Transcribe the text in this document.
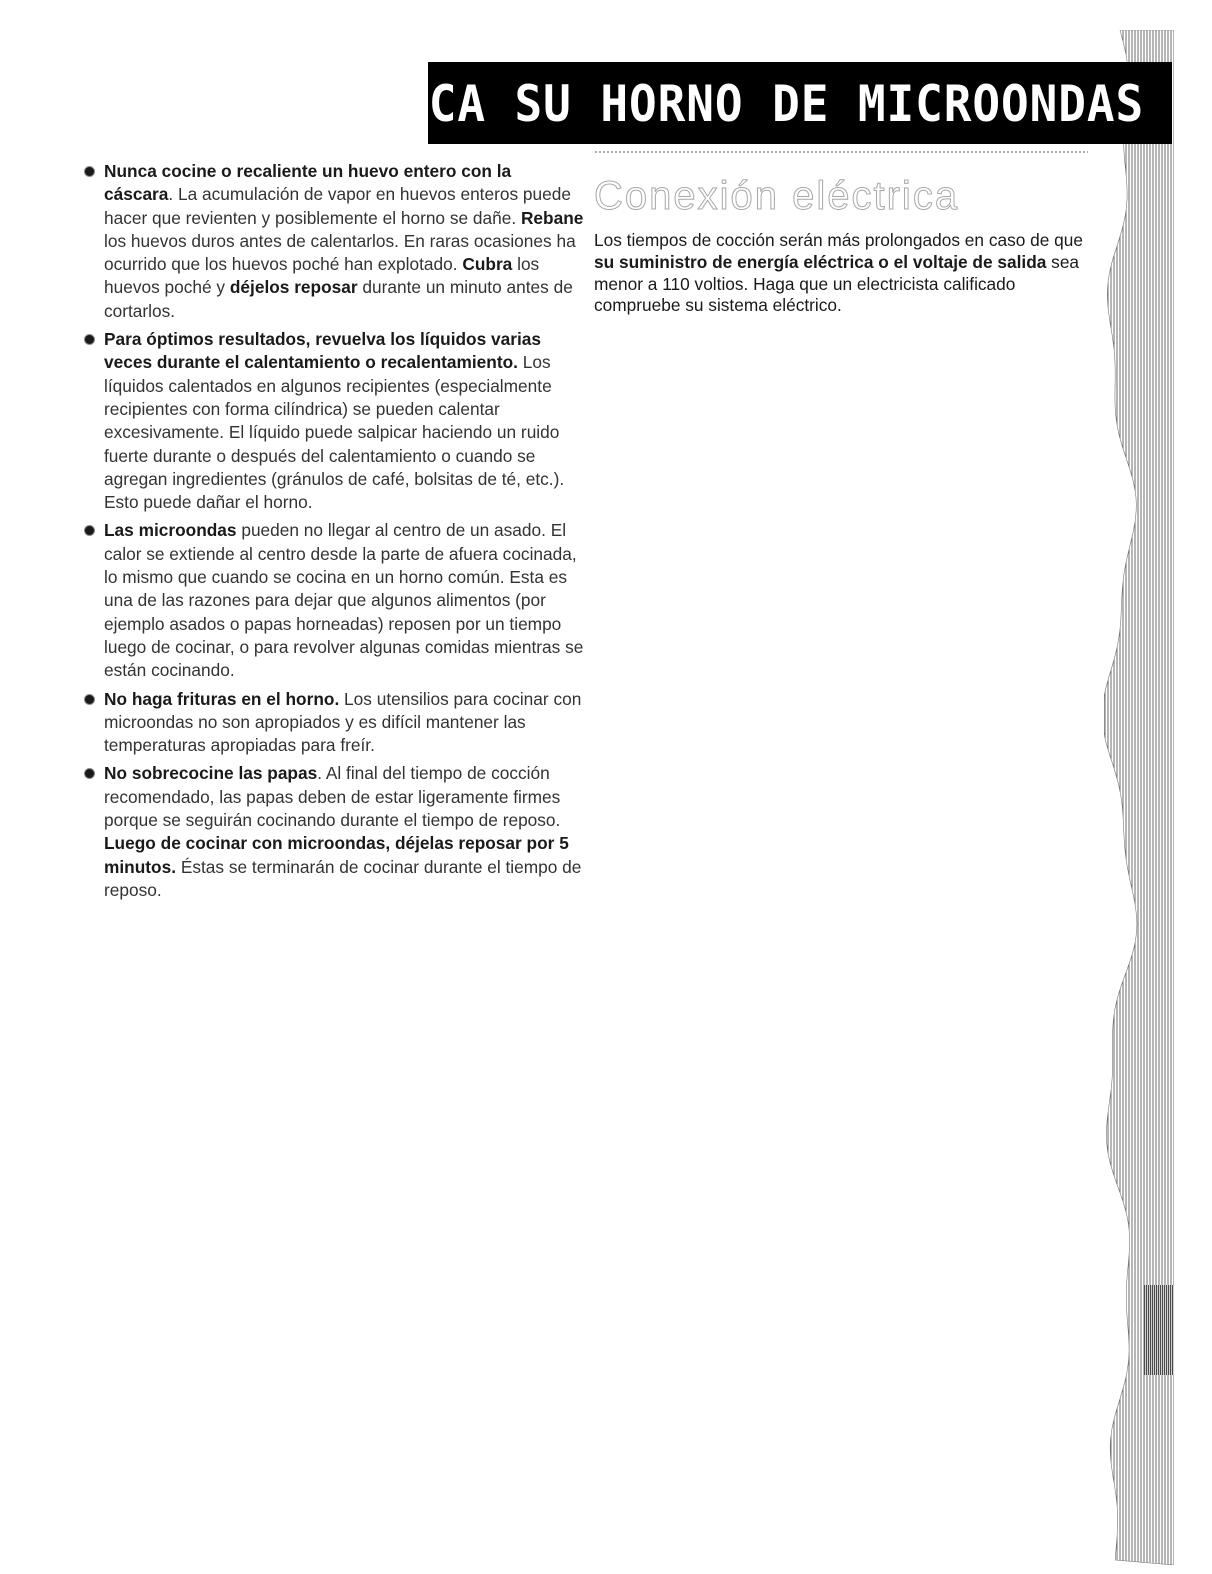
CONOZCA SU HORNO DE MICROONDAS
Nunca cocine o recaliente un huevo entero con la cáscara. La acumulación de vapor en huevos enteros puede hacer que revienten y posiblemente el horno se dañe. Rebane los huevos duros antes de calentarlos. En raras ocasiones ha ocurrido que los huevos poché han explotado. Cubra los huevos poché y déjelos reposar durante un minuto antes de cortarlos.
Para óptimos resultados, revuelva los líquidos varias veces durante el calentamiento o recalentamiento. Los líquidos calentados en algunos recipientes (especialmente recipientes con forma cilíndrica) se pueden calentar excesivamente. El líquido puede salpicar haciendo un ruido fuerte durante o después del calentamiento o cuando se agregan ingredientes (gránulos de café, bolsitas de té, etc.). Esto puede dañar el horno.
Las microondas pueden no llegar al centro de un asado. El calor se extiende al centro desde la parte de afuera cocinada, lo mismo que cuando se cocina en un horno común. Esta es una de las razones para dejar que algunos alimentos (por ejemplo asados o papas horneadas) reposen por un tiempo luego de cocinar, o para revolver algunas comidas mientras se están cocinando.
No haga frituras en el horno. Los utensilios para cocinar con microondas no son apropiados y es difícil mantener las temperaturas apropiadas para freír.
No sobrecocine las papas. Al final del tiempo de cocción recomendado, las papas deben de estar ligeramente firmes porque se seguirán cocinando durante el tiempo de reposo. Luego de cocinar con microondas, déjelas reposar por 5 minutos. Éstas se terminarán de cocinar durante el tiempo de reposo.
Conexión eléctrica

Los tiempos de cocción serán más prolongados en caso de que su suministro de energía eléctrica o el voltaje de salida sea menor a 110 voltios. Haga que un electricista calificado compruebe su sistema eléctrico.
